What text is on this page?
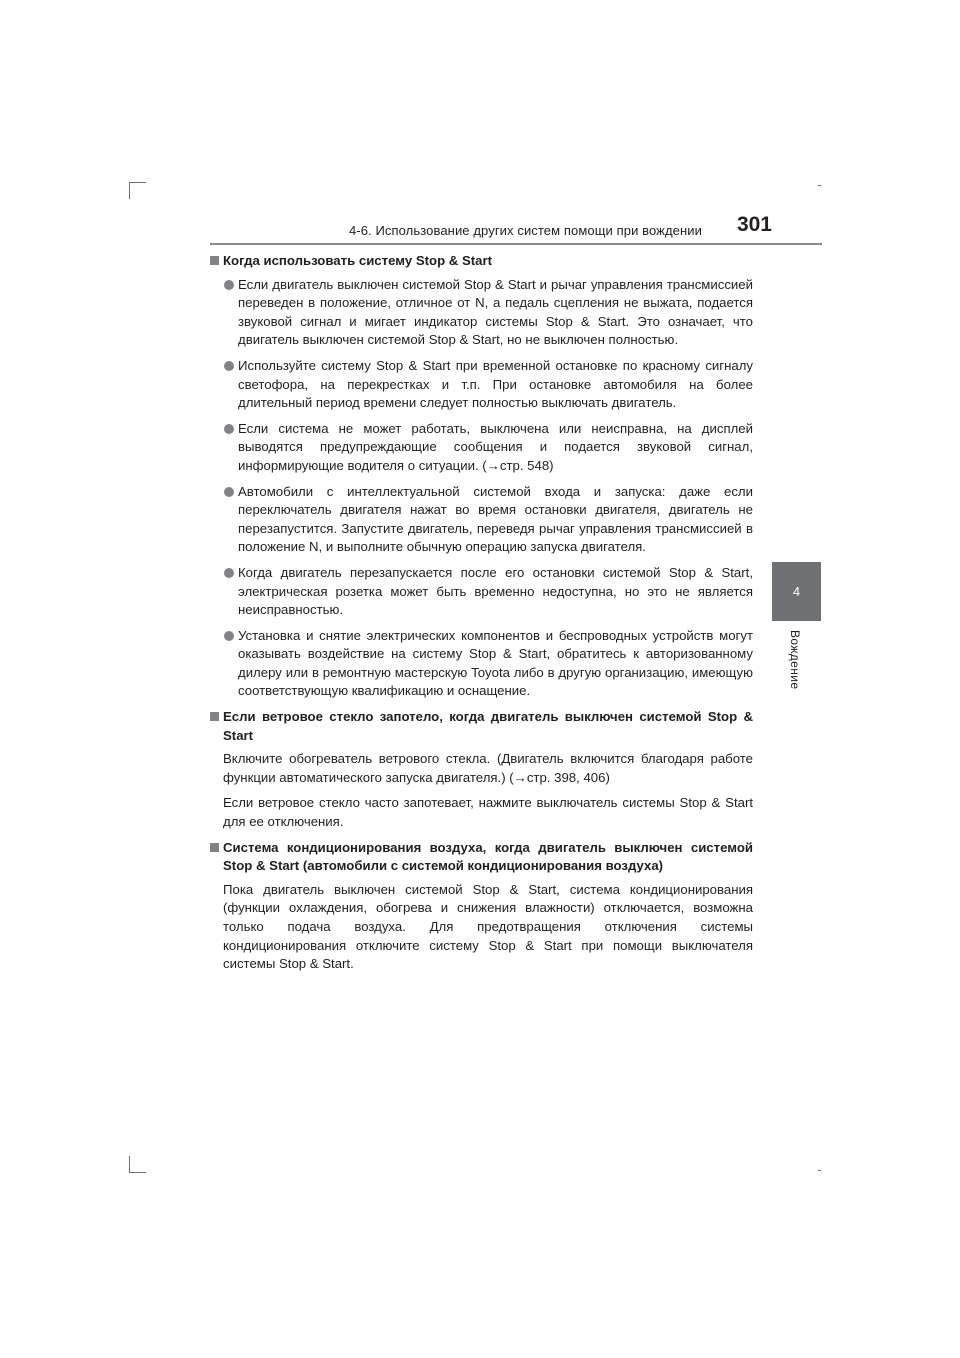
4-6. Использование других систем помощи при вождении 301
4
Вождение
Когда использовать систему Stop & Start
Если двигатель выключен системой Stop & Start и рычаг управления трансмиссией переведен в положение, отличное от N, а педаль сцепления не выжата, подается звуковой сигнал и мигает индикатор системы Stop & Start. Это означает, что двигатель выключен системой Stop & Start, но не выключен полностью.
Используйте систему Stop & Start при временной остановке по красному сигналу светофора, на перекрестках и т.п. При остановке автомобиля на более длительный период времени следует полностью выключать двигатель.
Если система не может работать, выключена или неисправна, на дисплей выводятся предупреждающие сообщения и подается звуковой сигнал, информирующие водителя о ситуации. (→стр. 548)
Автомобили с интеллектуальной системой входа и запуска: даже если переключатель двигателя нажат во время остановки двигателя, двигатель не перезапустится. Запустите двигатель, переведя рычаг управления трансмиссией в положение N, и выполните обычную операцию запуска двигателя.
Когда двигатель перезапускается после его остановки системой Stop & Start, электрическая розетка может быть временно недоступна, но это не является неисправностью.
Установка и снятие электрических компонентов и беспроводных устройств могут оказывать воздействие на систему Stop & Start, обратитесь к авторизованному дилеру или в ремонтную мастерскую Toyota либо в другую организацию, имеющую соответствующую квалификацию и оснащение.
Если ветровое стекло запотело, когда двигатель выключен системой Stop & Start
Включите обогреватель ветрового стекла. (Двигатель включится благодаря работе функции автоматического запуска двигателя.) (→стр. 398, 406)
Если ветровое стекло часто запотевает, нажмите выключатель системы Stop & Start для ее отключения.
Система кондиционирования воздуха, когда двигатель выключен системой Stop & Start (автомобили с системой кондиционирования воздуха)
Пока двигатель выключен системой Stop & Start, система кондиционирования (функции охлаждения, обогрева и снижения влажности) отключается, возможна только подача воздуха. Для предотвращения отключения системы кондиционирования отключите систему Stop & Start при помощи выключателя системы Stop & Start.
